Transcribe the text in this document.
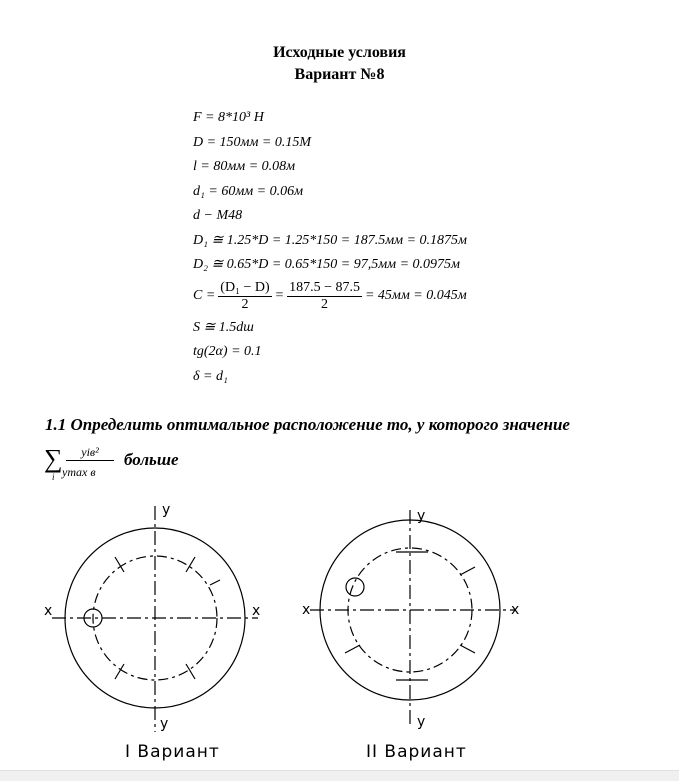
Исходные условия
Вариант №8
F = 8*10³ H
D = 150мм = 0.15M
l = 80мм = 0.08м
d₁ = 60мм = 0.06м
d − M48
D₁ ≅ 1.25*D = 1.25*150 = 187.5мм = 0.1875м
D₂ ≅ 0.65*D = 0.65*150 = 97,5мм = 0.0975м
$C = \frac{\text{(D₁ − D)}}{2} = \frac{187.5 - 87.5}{2} = 45мм = 0.045м$
S ≅ 1.5dш
tg(2α) = 0.1
δ = d₁
1.1 Определить оптимальное расположение то, у которого значение
∑
i
yiв²
ymax в
больше
x	x
y
y
x	x
y
y
I Вариант	II Вариант
